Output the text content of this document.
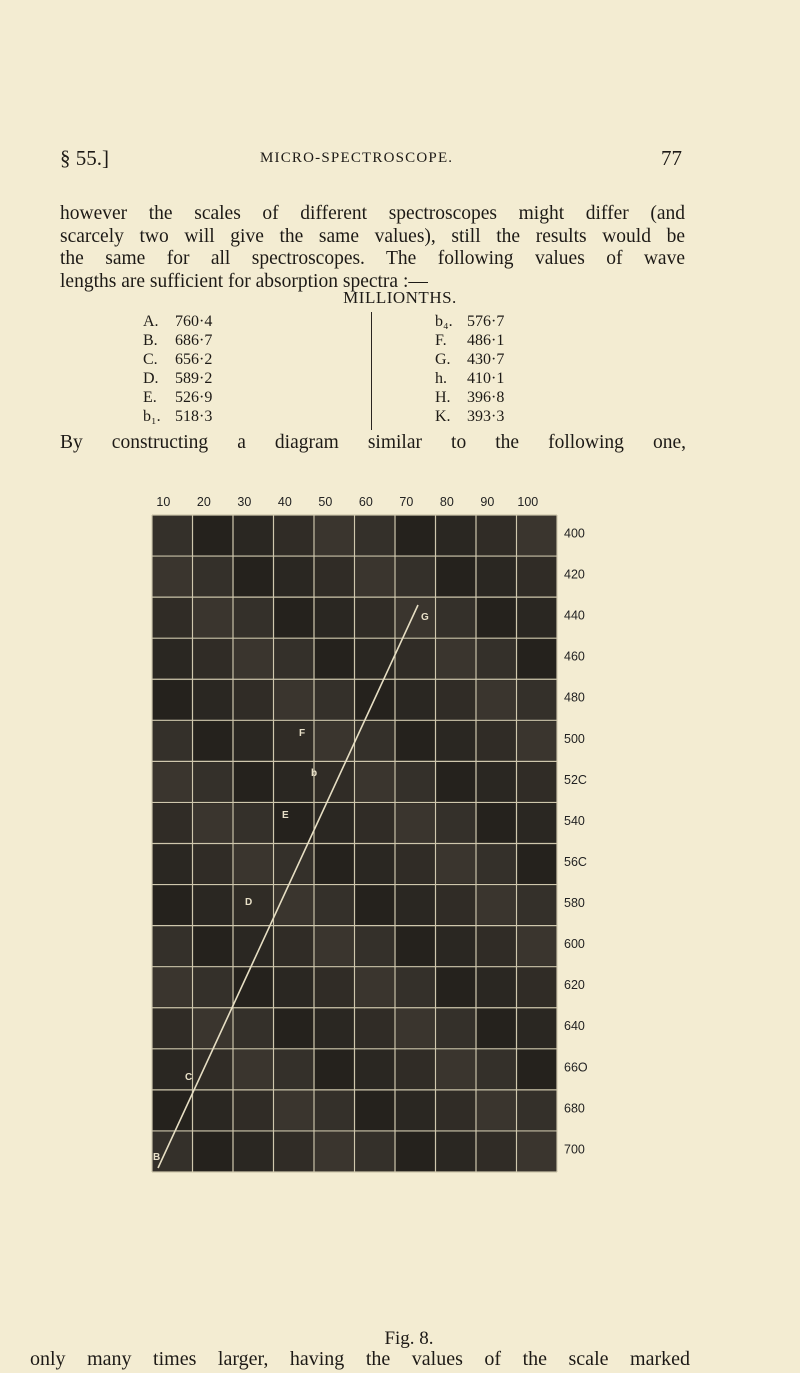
§ 55.]	MICRO-SPECTROSCOPE.	77
however the scales of different spectroscopes might differ (and
scarcely two will give the same values), still the results would be
the same for all spectroscopes. The following values of wave
lengths are sufficient for absorption spectra :—
MILLIONTHS.
A. 760·4
B. 686·7
C. 656·2
D. 589·2
E. 526·9
b₁. 518·3
b₄. 576·7
F. 486·1
G. 430·7
h. 410·1
H. 396·8
K. 393·3
By constructing a diagram similar to the following one,
10 20 30 40 50 60 70 80 90 100
400
420
440
460
480
500
52C
540
56C
580
600
620
640
66O
680
700
G
F
b
E
D
C
B
Fig. 8.
only many times larger, having the values of the scale marked
